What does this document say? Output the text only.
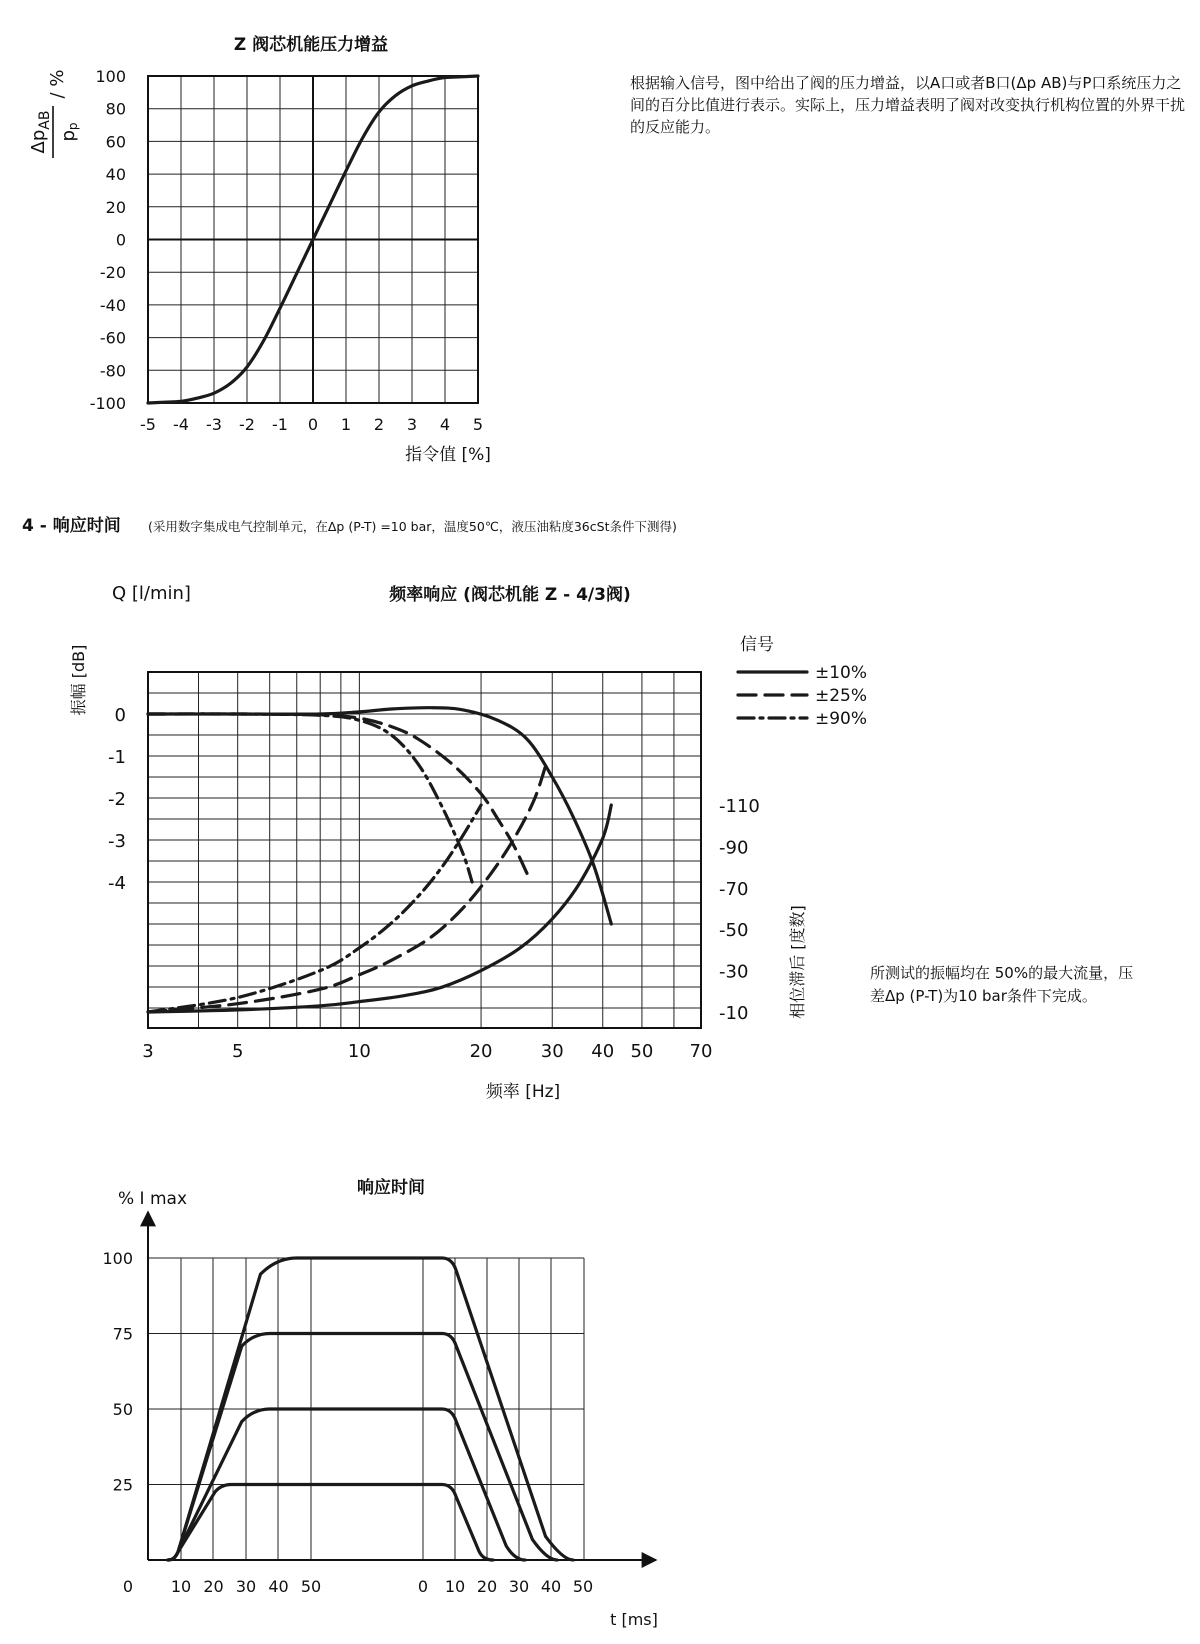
根据输入信号，图中给出了阀的压力增益，以A口或者B口(Δp AB)与P口系统压力之间的百分比值进行表示。实际上，压力增益表明了阀对改变执行机构位置的外界干扰的反应能力。

所测试的振幅均在 50%的最大流量，压差Δp (P-T)为10 bar条件下完成。

4 - 响应时间 (采用数字集成电气控制单元，在Δp (P-T) =10 bar，温度50℃，液压油粘度36cSt条件下测得)
Z 阀芯机能压力增益
100
80
60
40
20
0
-20
-40
-60
-80
-100
-5 -4 -3 -2 -1 0 1 2 3 4 5
指令值 [%]
$\Delta p_{AB}$
pp
/ %
Q [l/min]	频率响应 (阀芯机能 Z - 4/3阀)
0
-1
-2
-3
-4
-110
-90
-70
-50
-30
-10
3	5	10	20	30 40 50 70
频率 [Hz]
振幅 [dB]
相位滞后 [度数]
信号
±10%
±25%
±90%
响应时间
% I max
100
75
50
25
0 10 20 30 40 50	0 10 20 30 40 50
t [ms]
